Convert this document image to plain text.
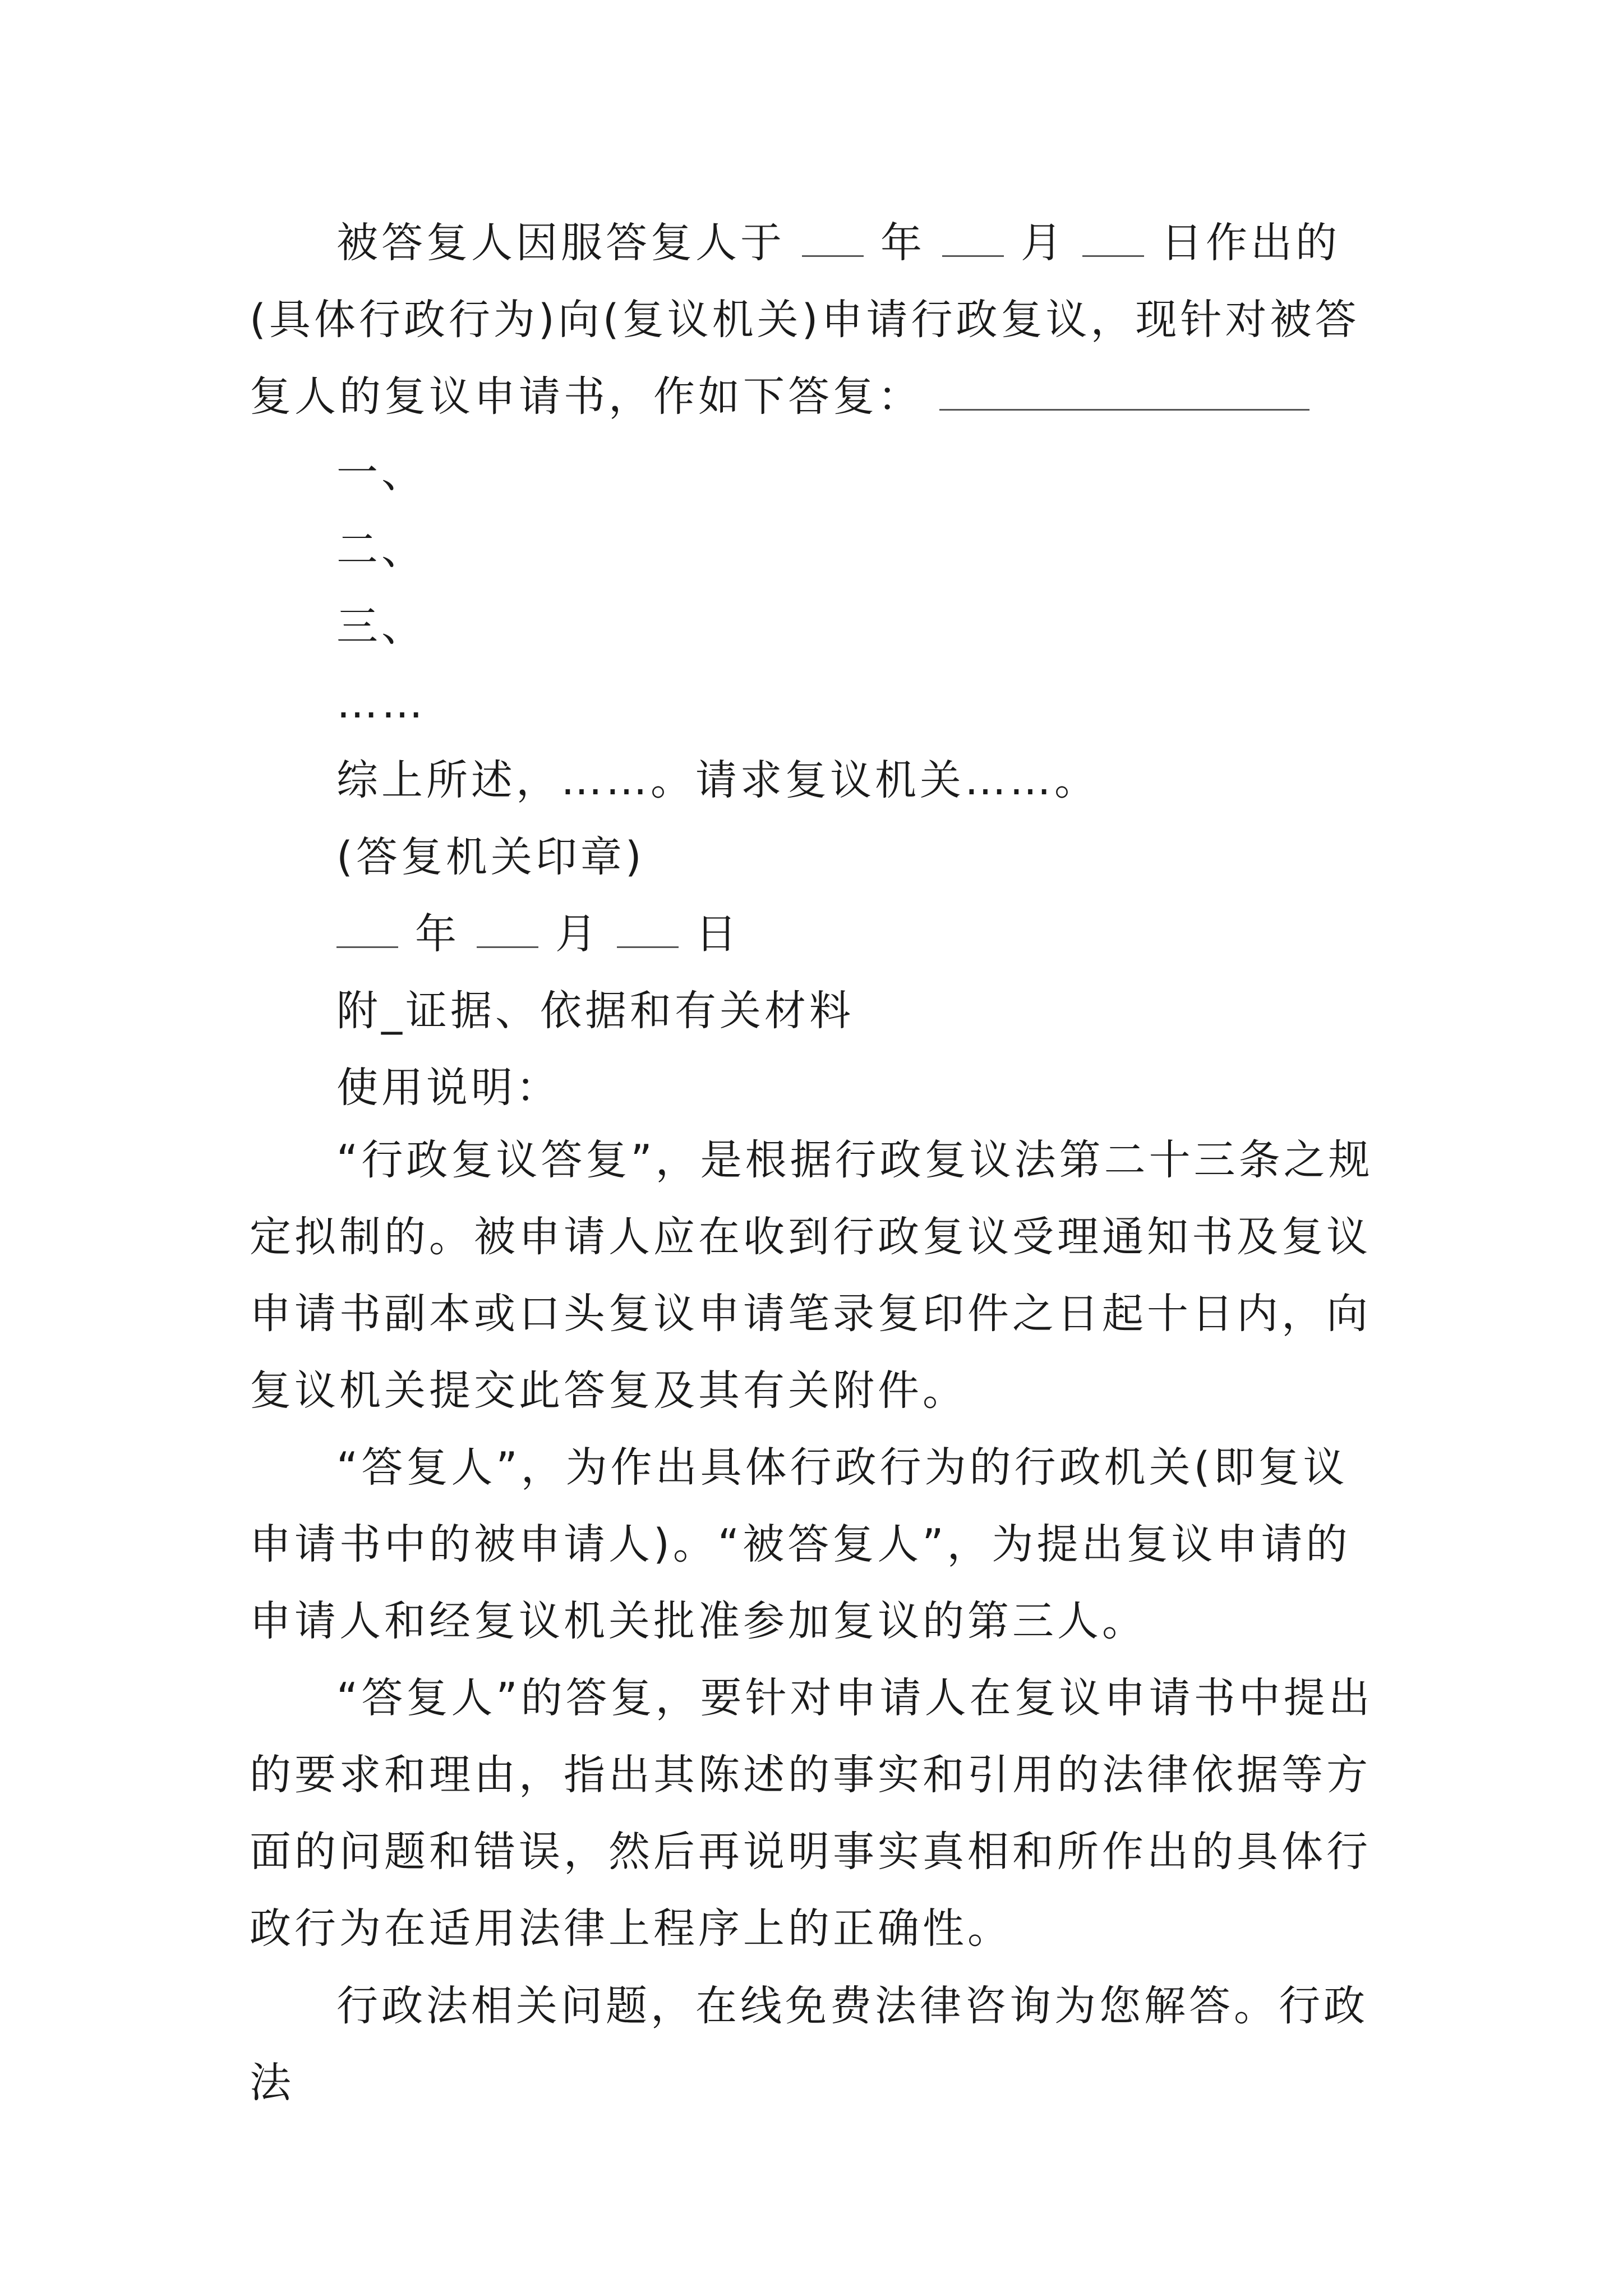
被答复人因服答复人于 年 月 日作出的(具体行政行为)向(复议机关)申请行政复议，现针对被答复人的复议申请书，作如下答复：
一、
二、
三、
……
综上所述，……。请求复议机关……。
(答复机关印章)
年 月 日
附_证据、依据和有关材料
使用说明：
“行政复议答复”，是根据行政复议法第二十三条之规定拟制的。被申请人应在收到行政复议受理通知书及复议申请书副本或口头复议申请笔录复印件之日起十日内，向复议机关提交此答复及其有关附件。
“答复人”，为作出具体行政行为的行政机关(即复议申请书中的被申请人)。“被答复人”，为提出复议申请的申请人和经复议机关批准参加复议的第三人。
“答复人”的答复，要针对申请人在复议申请书中提出的要求和理由，指出其陈述的事实和引用的法律依据等方面的问题和错误，然后再说明事实真相和所作出的具体行政行为在适用法律上程序上的正确性。
行政法相关问题，在线免费法律咨询为您解答。行政法
